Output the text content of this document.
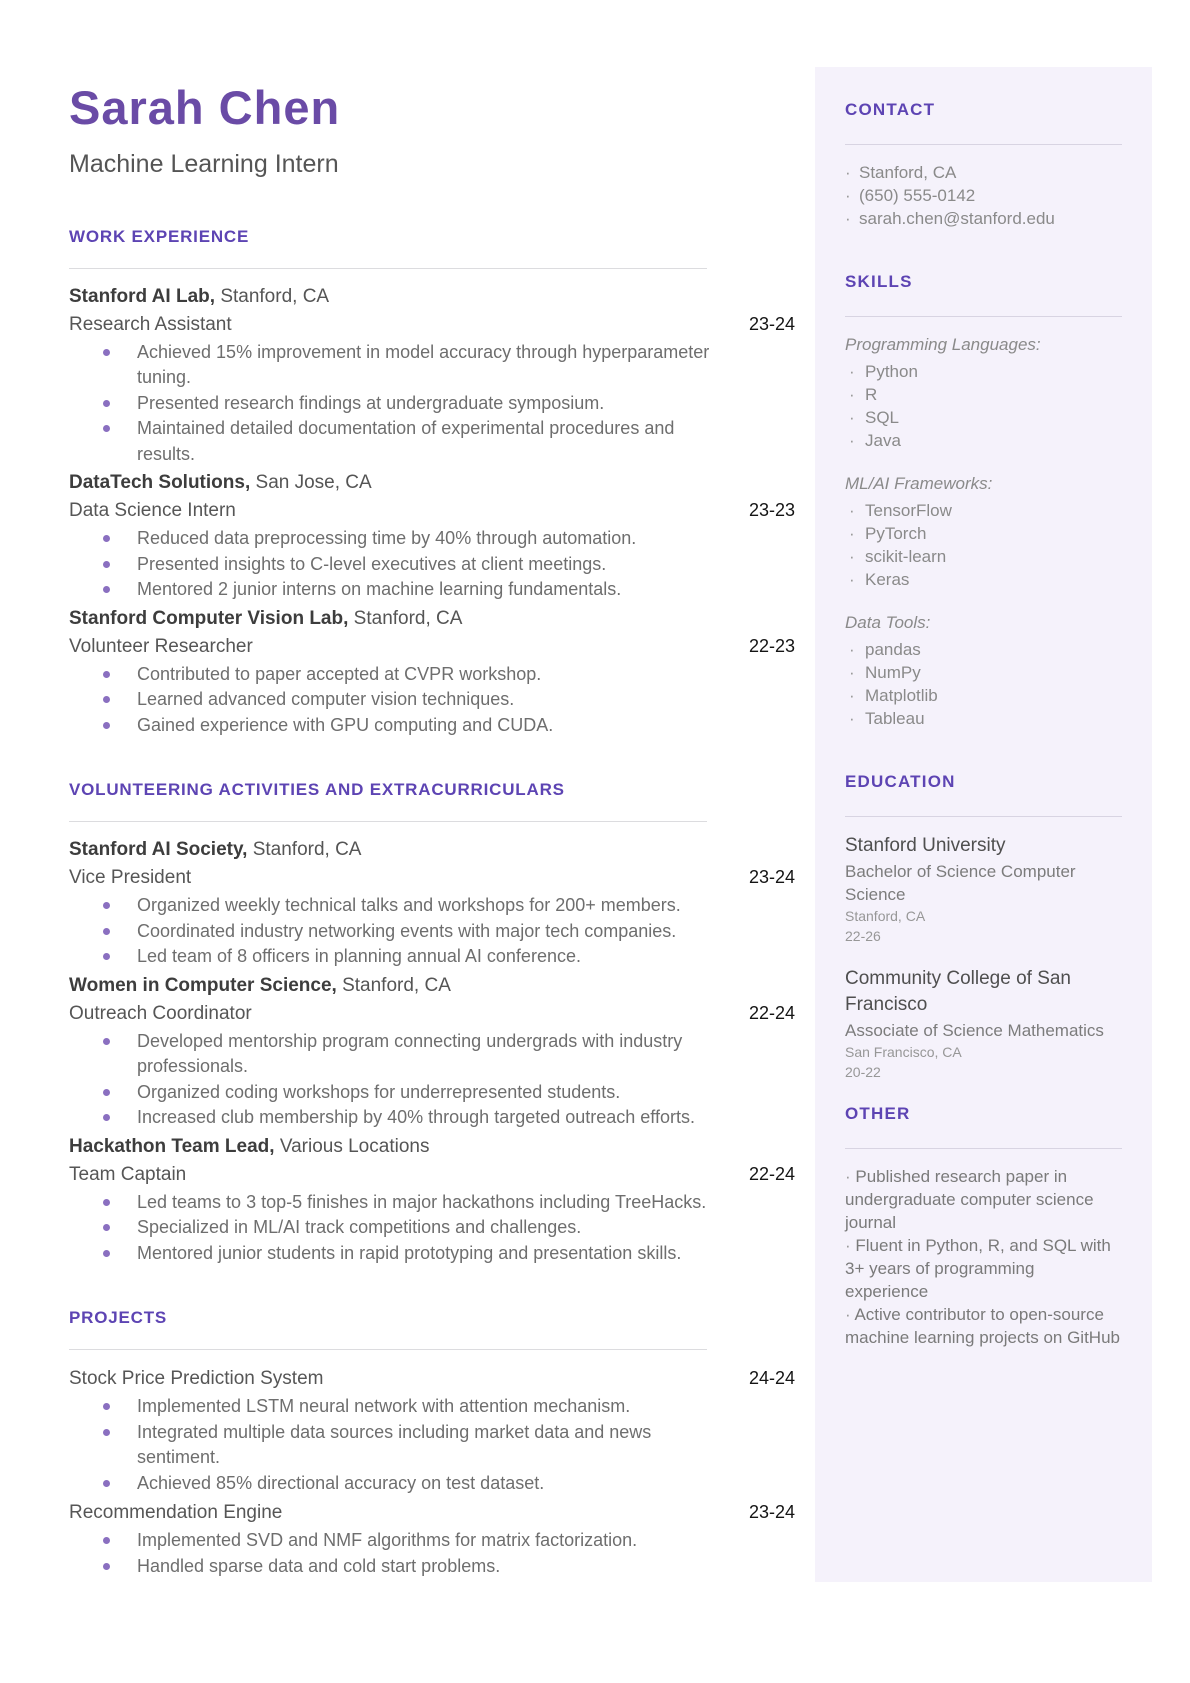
Sarah Chen
Machine Learning Intern
WORK EXPERIENCE
Stanford AI Lab, Stanford, CA
Research Assistant	23-24
Achieved 15% improvement in model accuracy through hyperparameter tuning.
Presented research findings at undergraduate symposium.
Maintained detailed documentation of experimental procedures and results.
DataTech Solutions, San Jose, CA
Data Science Intern	23-23
Reduced data preprocessing time by 40% through automation.
Presented insights to C-level executives at client meetings.
Mentored 2 junior interns on machine learning fundamentals.
Stanford Computer Vision Lab, Stanford, CA
Volunteer Researcher	22-23
Contributed to paper accepted at CVPR workshop.
Learned advanced computer vision techniques.
Gained experience with GPU computing and CUDA.
VOLUNTEERING ACTIVITIES AND EXTRACURRICULARS
Stanford AI Society, Stanford, CA
Vice President	23-24
Organized weekly technical talks and workshops for 200+ members.
Coordinated industry networking events with major tech companies.
Led team of 8 officers in planning annual AI conference.
Women in Computer Science, Stanford, CA
Outreach Coordinator	22-24
Developed mentorship program connecting undergrads with industry professionals.
Organized coding workshops for underrepresented students.
Increased club membership by 40% through targeted outreach efforts.
Hackathon Team Lead, Various Locations
Team Captain	22-24
Led teams to 3 top-5 finishes in major hackathons including TreeHacks.
Specialized in ML/AI track competitions and challenges.
Mentored junior students in rapid prototyping and presentation skills.
PROJECTS
Stock Price Prediction System	24-24
Implemented LSTM neural network with attention mechanism.
Integrated multiple data sources including market data and news sentiment.
Achieved 85% directional accuracy on test dataset.
Recommendation Engine	23-24
Implemented SVD and NMF algorithms for matrix factorization.
Handled sparse data and cold start problems.
CONTACT
·
Stanford, CA
·
(650) 555-0142
·
sarah.chen@stanford.edu
SKILLS
Programming Languages:
·
Python
·
R
·
SQL
·
Java
ML/AI Frameworks:
·
TensorFlow
·
PyTorch
·
scikit-learn
·
Keras
Data Tools:
·
pandas
·
NumPy
·
Matplotlib
·
Tableau
EDUCATION
Stanford University
Bachelor of Science Computer Science
Stanford, CA
22-26
Community College of San Francisco
Associate of Science Mathematics
San Francisco, CA
20-22
OTHER

· Published research paper in undergraduate computer science journal

· Fluent in Python, R, and SQL with 3+ years of programming experience

· Active contributor to open-source machine learning projects on GitHub
